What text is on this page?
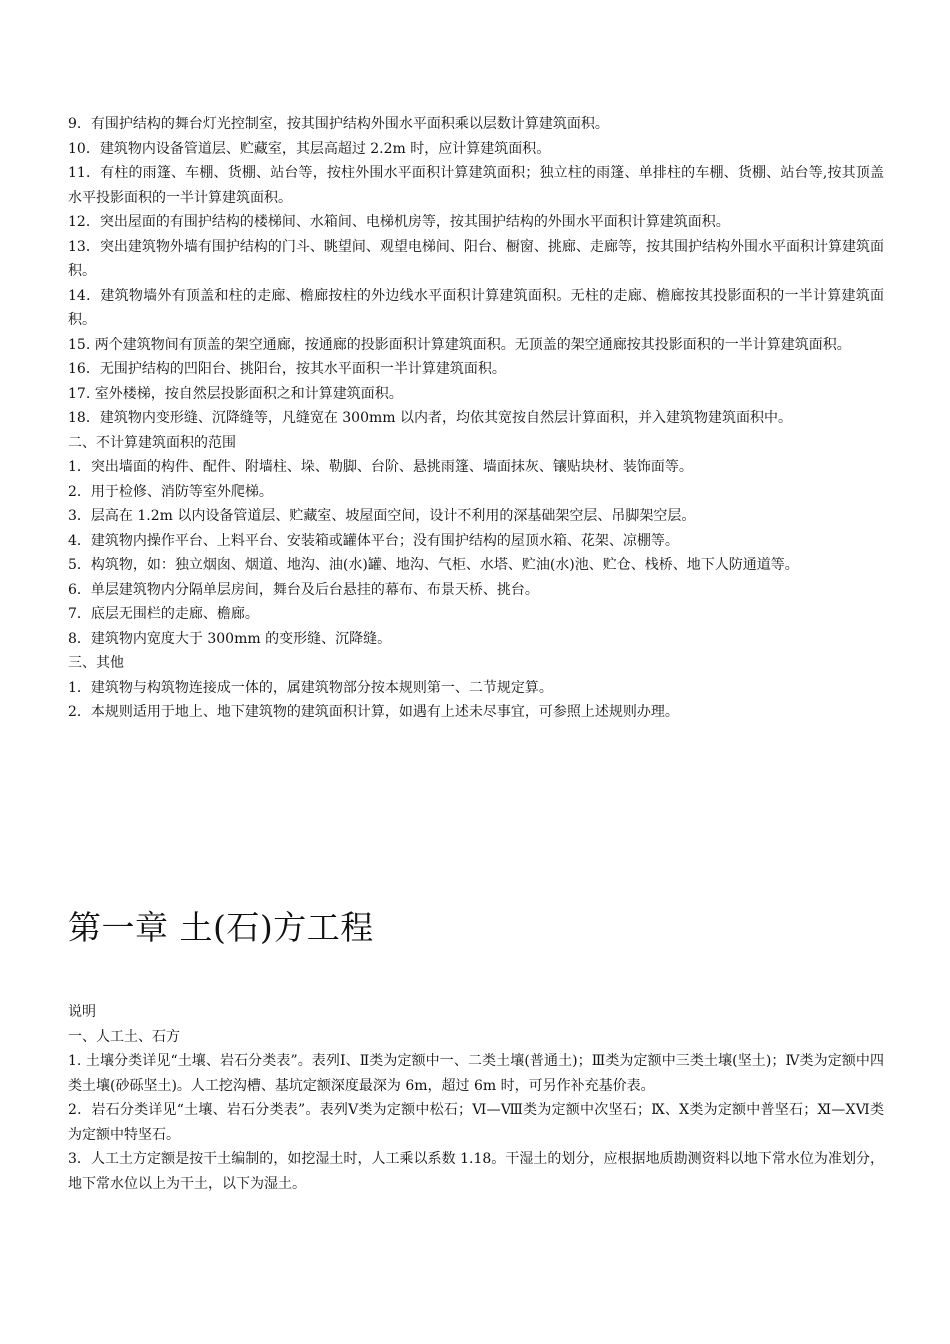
9．有围护结构的舞台灯光控制室，按其围护结构外围水平面积乘以层数计算建筑面积。

10．建筑物内设备管道层、贮藏室，其层高超过 2.2m 时，应计算建筑面积。

11．有柱的雨篷、车棚、货棚、站台等，按柱外围水平面积计算建筑面积；独立柱的雨篷、单排柱的车棚、货棚、站台等,按其顶盖水平投影面积的一半计算建筑面积。

12．突出屋面的有围护结构的楼梯间、水箱间、电梯机房等，按其围护结构的外围水平面积计算建筑面积。

13．突出建筑物外墙有围护结构的门斗、眺望间、观望电梯间、阳台、橱窗、挑廊、走廊等，按其围护结构外围水平面积计算建筑面积。

14．建筑物墙外有顶盖和柱的走廊、檐廊按柱的外边线水平面积计算建筑面积。无柱的走廊、檐廊按其投影面积的一半计算建筑面积。

15. 两个建筑物间有顶盖的架空通廊，按通廊的投影面积计算建筑面积。无顶盖的架空通廊按其投影面积的一半计算建筑面积。

16．无围护结构的凹阳台、挑阳台，按其水平面积一半计算建筑面积。

17. 室外楼梯，按自然层投影面积之和计算建筑面积。

18．建筑物内变形缝、沉降缝等，凡缝宽在 300mm 以内者，均依其宽按自然层计算面积，并入建筑物建筑面积中。

二、不计算建筑面积的范围

1．突出墙面的构件、配件、附墙柱、垛、勒脚、台阶、悬挑雨篷、墙面抹灰、镶贴块材、装饰面等。

2．用于检修、消防等室外爬梯。

3．层高在 1.2m 以内设备管道层、贮藏室、坡屋面空间，设计不利用的深基础架空层、吊脚架空层。

4．建筑物内操作平台、上料平台、安装箱或罐体平台；没有围护结构的屋顶水箱、花架、凉棚等。

5．构筑物，如：独立烟囱、烟道、地沟、油(水)罐、地沟、气柜、水塔、贮油(水)池、贮仓、栈桥、地下人防通道等。

6．单层建筑物内分隔单层房间，舞台及后台悬挂的幕布、布景天桥、挑台。

7．底层无围栏的走廊、檐廊。

8．建筑物内宽度大于 300mm 的变形缝、沉降缝。

三、其他

1．建筑物与构筑物连接成一体的，属建筑物部分按本规则第一、二节规定算。

2．本规则适用于地上、地下建筑物的建筑面积计算，如遇有上述未尽事宜，可参照上述规则办理。

第一章 土(石)方工程

说明

一、人工土、石方

1. 土壤分类详见“土壤、岩石分类表”。表列Ⅰ、Ⅱ类为定额中一、二类土壤(普通土)；Ⅲ类为定额中三类土壤(坚土)；Ⅳ类为定额中四类土壤(砂砾坚土)。人工挖沟槽、基坑定额深度最深为 6m，超过 6m 时，可另作补充基价表。

2．岩石分类详见“土壤、岩石分类表”。表列Ⅴ类为定额中松石；Ⅵ—Ⅷ类为定额中次坚石；Ⅸ、Ⅹ类为定额中普坚石；Ⅺ—ⅩⅥ类为定额中特坚石。

3．人工土方定额是按干土编制的，如挖湿土时，人工乘以系数 1.18。干湿土的划分，应根据地质勘测资料以地下常水位为准划分，地下常水位以上为干土，以下为湿土。
